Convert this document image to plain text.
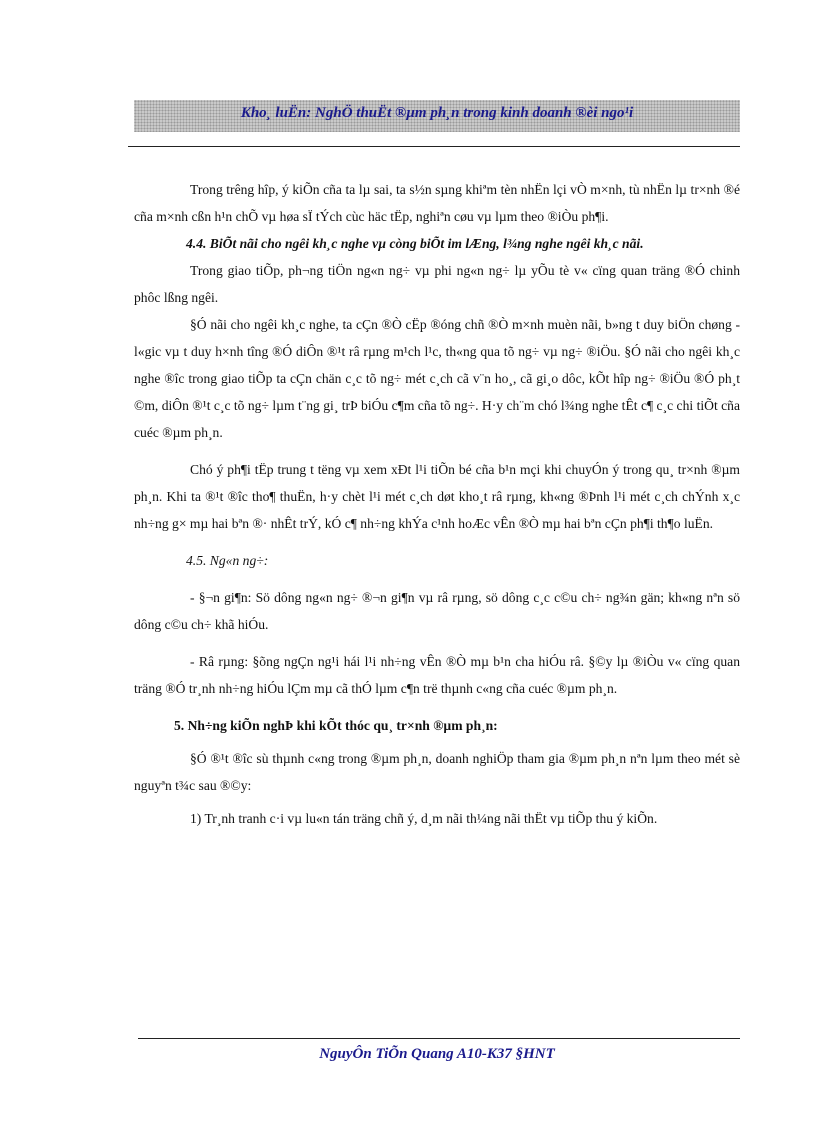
Kho¸ luËn: NghÖ thuËt ®µm ph¸n trong kinh doanh ®èi ngo¹i

Trong trêng hîp, ý kiÕn cña ta lµ sai, ta s½n sµng khiªm tèn nhËn lçi vÒ m×nh, tù nhËn lµ tr×nh ®é cña m×nh cßn h¹n chÕ vµ høa sÏ tÝch cùc häc tËp, nghiªn cøu vµ lµm theo ®iÒu ph¶i.

4.4. BiÕt nãi cho ngêi kh¸c nghe vµ còng biÕt im lÆng, l¾ng nghe ngêi kh¸c nãi.

Trong giao tiÕp, ph¬ng tiÖn ng«n ng÷ vµ phi ng«n ng÷ lµ yÕu tè v« cïng quan träng ®Ó chinh phôc lßng ngêi.

§Ó nãi cho ngêi kh¸c nghe, ta cÇn ®Ò cËp ®óng chñ ®Ò m×nh muèn nãi, b»ng t duy biÖn chøng - l«gic vµ t duy h×nh tîng ®Ó diÔn ®¹t râ rµng m¹ch l¹c, th«ng qua tõ ng÷ vµ ng÷ ®iÖu. §Ó nãi cho ngêi kh¸c nghe ®îc trong giao tiÕp ta cÇn chän c¸c tõ ng÷ mét c¸ch cã v¨n ho¸, cã gi¸o dôc, kÕt hîp ng÷ ®iÖu ®Ó ph¸t ©m, diÔn ®¹t c¸c tõ ng÷ lµm t¨ng gi¸ trÞ biÓu c¶m cña tõ ng÷. H·y ch¨m chó l¾ng nghe tÊt c¶ c¸c chi tiÕt cña cuéc ®µm ph¸n.

Chó ý ph¶i tËp trung t tëng vµ xem xÐt l¹i tiÕn bé cña b¹n mçi khi chuyÓn ý trong qu¸ tr×nh ®µm ph¸n. Khi ta ®¹t ®îc tho¶ thuËn, h·y chèt l¹i mét c¸ch døt kho¸t râ rµng, kh«ng ®Þnh l¹i mét c¸ch chÝnh x¸c nh÷ng g× mµ hai bªn ®· nhÊt trÝ, kÓ c¶ nh÷ng khÝa c¹nh hoÆc vÊn ®Ò mµ hai bªn cÇn ph¶i th¶o luËn.

4.5. Ng«n ng÷:

- §¬n gi¶n: Sö dông ng«n ng÷ ®¬n gi¶n vµ râ rµng, sö dông c¸c c©u ch÷ ng¾n gän; kh«ng nªn sö dông c©u ch÷ khã hiÓu.

- Râ rµng: §õng ngÇn ng¹i hái l¹i nh÷ng vÊn ®Ò mµ b¹n cha hiÓu râ. §©y lµ ®iÒu v« cïng quan träng ®Ó tr¸nh nh÷ng hiÓu lÇm mµ cã thÓ lµm c¶n trë thµnh c«ng cña cuéc ®µm ph¸n.

5. Nh÷ng kiÕn nghÞ khi kÕt thóc qu¸ tr×nh ®µm ph¸n:

§Ó ®¹t ®îc sù thµnh c«ng trong ®µm ph¸n, doanh nghiÖp tham gia ®µm ph¸n nªn lµm theo mét sè nguyªn t¾c sau ®©y:

1) Tr¸nh tranh c·i vµ lu«n tán träng chñ ý, d¸m nãi th¼ng nãi thËt vµ tiÕp thu ý kiÕn.

NguyÔn TiÕn Quang A10-K37 §HNT
